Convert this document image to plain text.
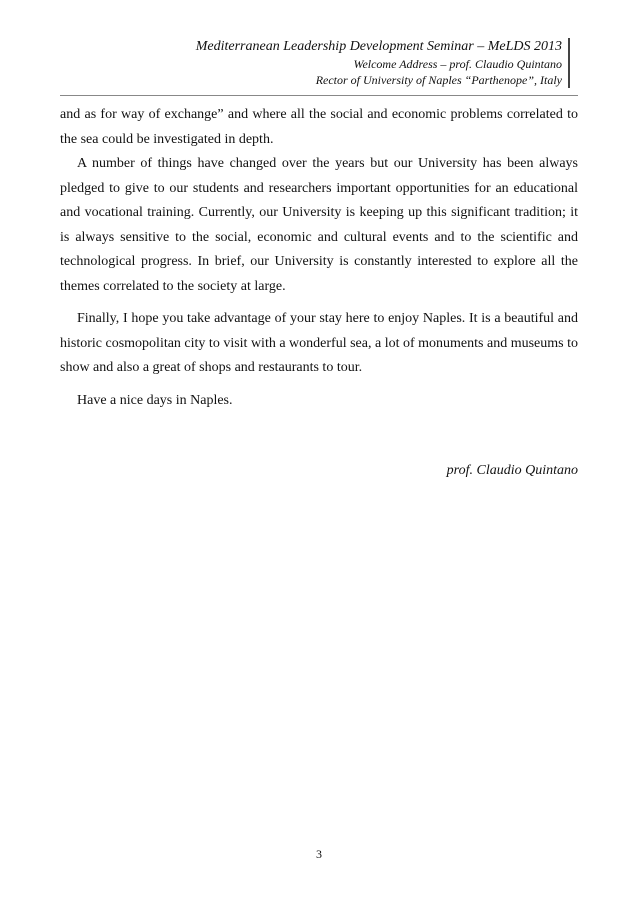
Mediterranean Leadership Development Seminar – MeLDS 2013
Welcome Address – prof. Claudio Quintano
Rector of University of Naples “Parthenope”, Italy

and as for way of exchange” and where all the social and economic problems correlated to the sea could be investigated in depth.

A number of things have changed over the years but our University has been always pledged to give to our students and researchers important opportunities for an educational and vocational training. Currently, our University is keeping up this significant tradition; it is always sensitive to the social, economic and cultural events and to the scientific and technological progress. In brief, our University is constantly interested to explore all the themes correlated to the society at large.

Finally, I hope you take advantage of your stay here to enjoy Naples. It is a beautiful and historic cosmopolitan city to visit with a wonderful sea, a lot of monuments and museums to show and also a great of shops and restaurants to tour.

Have a nice days in Naples.

prof. Claudio Quintano
3
